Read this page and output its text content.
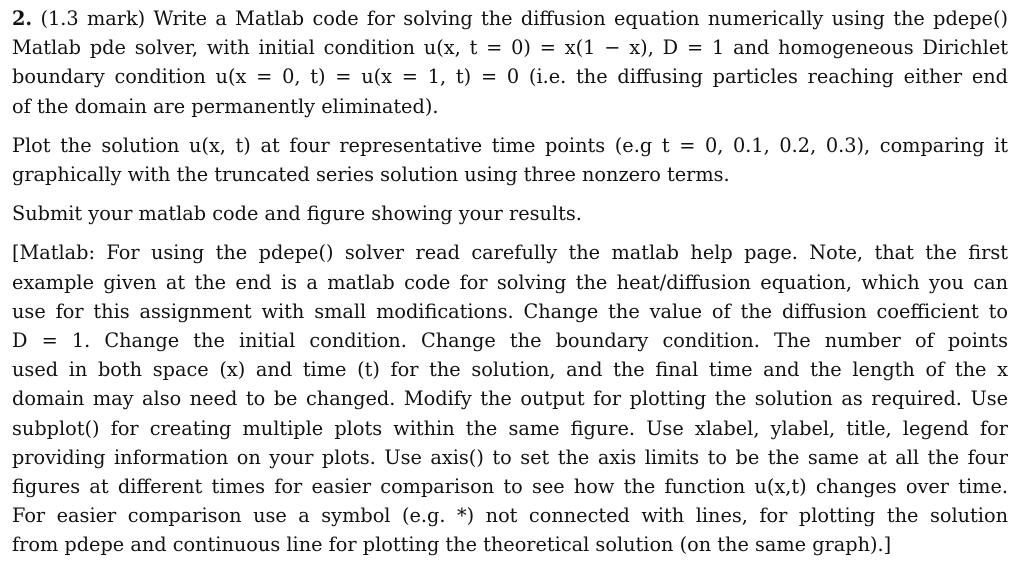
2. (1.3 mark) Write a Matlab code for solving the diffusion equation numerically using the pdepe()
Matlab pde solver, with initial condition u(x, t = 0) = x(1 − x), D = 1 and homogeneous Dirichlet
boundary condition u(x = 0, t) = u(x = 1, t) = 0 (i.e. the diffusing particles reaching either end
of the domain are permanently eliminated).

Plot the solution u(x, t) at four representative time points (e.g t = 0, 0.1, 0.2, 0.3), comparing it
graphically with the truncated series solution using three nonzero terms.

Submit your matlab code and figure showing your results.

[Matlab: For using the pdepe() solver read carefully the matlab help page. Note, that the first
example given at the end is a matlab code for solving the heat/diffusion equation, which you can
use for this assignment with small modifications. Change the value of the diffusion coefficient to
D = 1. Change the initial condition. Change the boundary condition. The number of points
used in both space (x) and time (t) for the solution, and the final time and the length of the x
domain may also need to be changed. Modify the output for plotting the solution as required. Use
subplot() for creating multiple plots within the same figure. Use xlabel, ylabel, title, legend for
providing information on your plots. Use axis() to set the axis limits to be the same at all the four
figures at different times for easier comparison to see how the function u(x,t) changes over time.
For easier comparison use a symbol (e.g. *) not connected with lines, for plotting the solution
from pdepe and continuous line for plotting the theoretical solution (on the same graph).]
